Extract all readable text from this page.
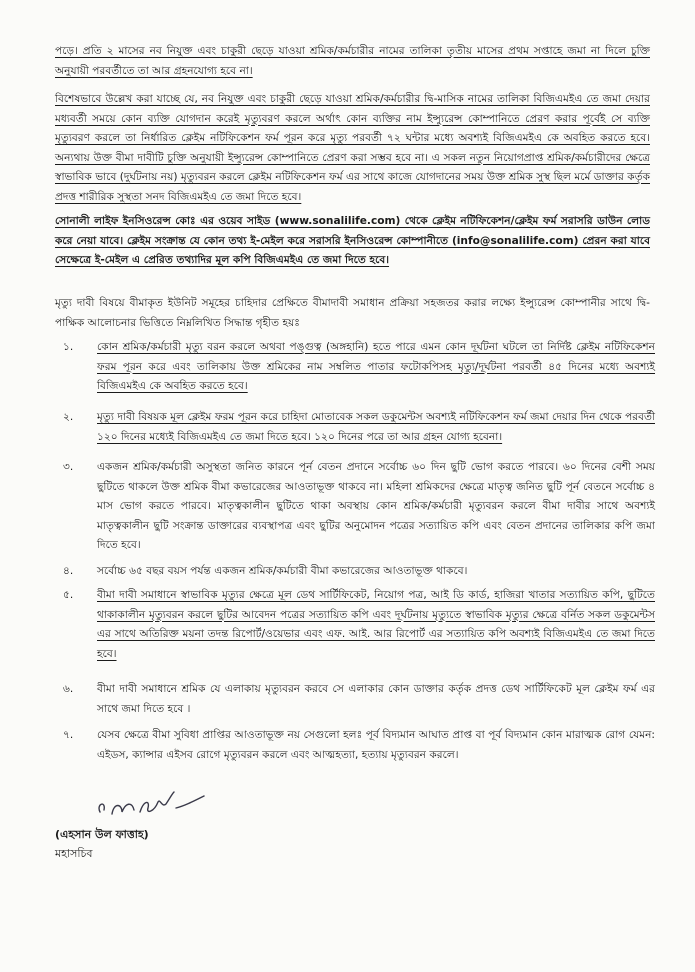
পড়ে। প্রতি ২ মাসের নব নিযুক্ত এবং চাকুরী ছেড়ে যাওয়া শ্রমিক/কর্মচারীর নামের তালিকা তৃতীয় মাসের প্রথম সপ্তাহে জমা না দিলে চুক্তি অনুযায়ী পরবর্তীতে তা আর গ্রহনযোগ্য হবে না।

বিশেষভাবে উল্লেখ করা যাচ্ছে যে, নব নিযুক্ত এবং চাকুরী ছেড়ে যাওয়া শ্রমিক/কর্মচারীর দ্বি-মাসিক নামের তালিকা বিজিএমইএ তে জমা দেয়ার মধ্যবর্তী সময়ে কোন ব্যক্তি যোগদান করেই মৃত্যুবরণ করলে অর্থাৎ কোন ব্যক্তির নাম ইন্স্যুরেন্স কোম্পানিতে প্রেরণ করার পূর্বেই সে ব্যক্তি মৃত্যুবরণ করলে তা নির্ধারিত ক্লেইম নটিফিকেশন ফর্ম পূরন করে মৃত্যু পরবর্তী ৭২ ঘন্টার মধ্যে অবশ্যই বিজিএমইএ কে অবহিত করতে হবে। অন্যথায় উক্ত বীমা দাবীটি চুক্তি অনুযায়ী ইন্স্যুরেন্স কোম্পানিতে প্রেরণ করা সম্ভব হবে না। এ সকল নতুন নিয়োগপ্রাপ্ত শ্রমিক/কর্মচারীদের ক্ষেত্রে স্বাভাবিক ভাবে (দুর্ঘটনায় নয়) মৃত্যুবরন করলে ক্লেইম নটিফিকেশন ফর্ম এর সাথে কাজে যোগদানের সময় উক্ত শ্রমিক সুস্থ ছিল মর্মে ডাক্তার কর্তৃক প্রদত্ত শারীরিক সুস্থতা সনদ বিজিএমইএ তে জমা দিতে হবে।

সোনালী লাইফ ইনসিওরেন্স কোঃ এর ওয়েব সাইড (www.sonalilife.com) থেকে ক্লেইম নটিফিকেশন/ক্লেইম ফর্ম সরাসরি ডাউন লোড করে নেয়া যাবে। ক্লেইম সংক্রান্ত যে কোন তথ্য ই-মেইল করে সরাসরি ইনসিওরেন্স কোম্পানীতে (info@sonalilife.com) প্রেরন করা যাবে সেক্ষেত্রে ই-মেইল এ প্রেরিত তথ্যাদির মূল কপি বিজিএমইএ তে জমা দিতে হবে।

মৃত্যু দাবী বিষয়ে বীমাকৃত ইউনিট সমূহের চাহিদার প্রেক্ষিতে বীমাদাবী সমাধান প্রক্রিয়া সহজতর করার লক্ষ্যে ইন্স্যুরেন্স কোম্পানীর সাথে দ্বি-পাক্ষিক আলোচনার ভিত্তিতে নিম্নলিখিত সিদ্ধান্ত গৃহীত হয়ঃ

১.	কোন শ্রমিক/কর্মচারী মৃত্যু বরন করলে অথবা পঙ্গুত্ব (অঙ্গহানি) হতে পারে এমন কোন দূর্ঘটনা ঘটলে তা নির্দিষ্ট ক্লেইম নটিফিকেশন ফরম পূরন করে এবং তালিকায় উক্ত শ্রমিকের নাম সম্বলিত পাতার ফটোকপিসহ মৃত্যু/দূর্ঘটনা পরবর্তী ৪৫ দিনের মধ্যে অবশ্যই বিজিএমইএ কে অবহিত করতে হবে।
২.	মৃত্যু দাবী বিষয়ক মূল ক্লেইম ফরম পূরন করে চাহিদা মোতাবেক সকল ডকুমেন্টস অবশ্যই নটিফিকেশন ফর্ম জমা দেয়ার দিন থেকে পরবর্তী ১২০ দিনের মধ্যেই বিজিএমইএ তে জমা দিতে হবে। ১২০ দিনের পরে তা আর গ্রহন যোগ্য হবেনা।
৩.	একজন শ্রমিক/কর্মচারী অসুস্থতা জনিত কারনে পূর্ন বেতন প্রদানে সর্বোচ্চ ৬০ দিন ছুটি ভোগ করতে পারবে। ৬০ দিনের বেশী সময় ছুটিতে থাকলে উক্ত শ্রমিক বীমা কভারেজের আওতাভূক্ত থাকবে না। মহিলা শ্রমিকদের ক্ষেত্রে মাতৃত্ব জনিত ছুটি পূর্ন বেতনে সর্বোচ্চ ৪ মাস ভোগ করতে পারবে। মাতৃত্বকালীন ছুটিতে থাকা অবস্থায় কোন শ্রমিক/কর্মচারী মৃত্যুবরন করলে বীমা দাবীর সাথে অবশ্যই মাতৃত্বকালীন ছুটি সংক্রান্ত ডাক্তারের ব্যবস্থাপত্র এবং ছুটির অনুমোদন পত্রের সত্যায়িত কপি এবং বেতন প্রদানের তালিকার কপি জমা দিতে হবে।
৪.	সর্বোচ্চ ৬৫ বছর বয়স পর্যন্ত একজন শ্রমিক/কর্মচারী বীমা কভারেজের আওতাভূক্ত থাকবে।
৫.	বীমা দাবী সমাধানে স্বাভাবিক মৃত্যুর ক্ষেত্রে মূল ডেথ সার্টিফিকেট, নিয়োগ পত্র, আই ডি কার্ড, হাজিরা খাতার সত্যায়িত কপি, ছুটিতে থাকাকালীন মৃত্যুবরন করলে ছুটির আবেদন পত্রের সত্যায়িত কপি এবং দূর্ঘটনায় মৃত্যুতে স্বাভাবিক মৃত্যুর ক্ষেত্রে বর্নিত সকল ডকুমেন্টস এর সাথে অতিরিক্ত ময়না তদন্ত রিপোর্ট/ওয়েভার এবং এফ. আই. আর রিপোর্ট এর সত্যায়িত কপি অবশ্যই বিজিএমইএ তে জমা দিতে হবে।
৬.	বীমা দাবী সমাধানে শ্রমিক যে এলাকায় মৃত্যুবরন করবে সে এলাকার কোন ডাক্তার কর্তৃক প্রদত্ত ডেথ সার্টিফিকেট মূল ক্লেইম ফর্ম এর সাথে জমা দিতে হবে ।
৭.	যেসব ক্ষেত্রে বীমা সুবিধা প্রাপ্তির আওতাভূক্ত নয় সেগুলো হলঃ পূর্ব বিদ্যমান আঘাত প্রাপ্ত বা পূর্ব বিদ্যমান কোন মারাত্মক রোগ যেমন: এইডস, ক্যান্সার এইসব রোগে মৃত্যুবরন করলে এবং আত্মহত্যা, হত্যায় মৃত্যুবরন করলে।
(এহসান উল ফাত্তাহ)
মহাসচিব
